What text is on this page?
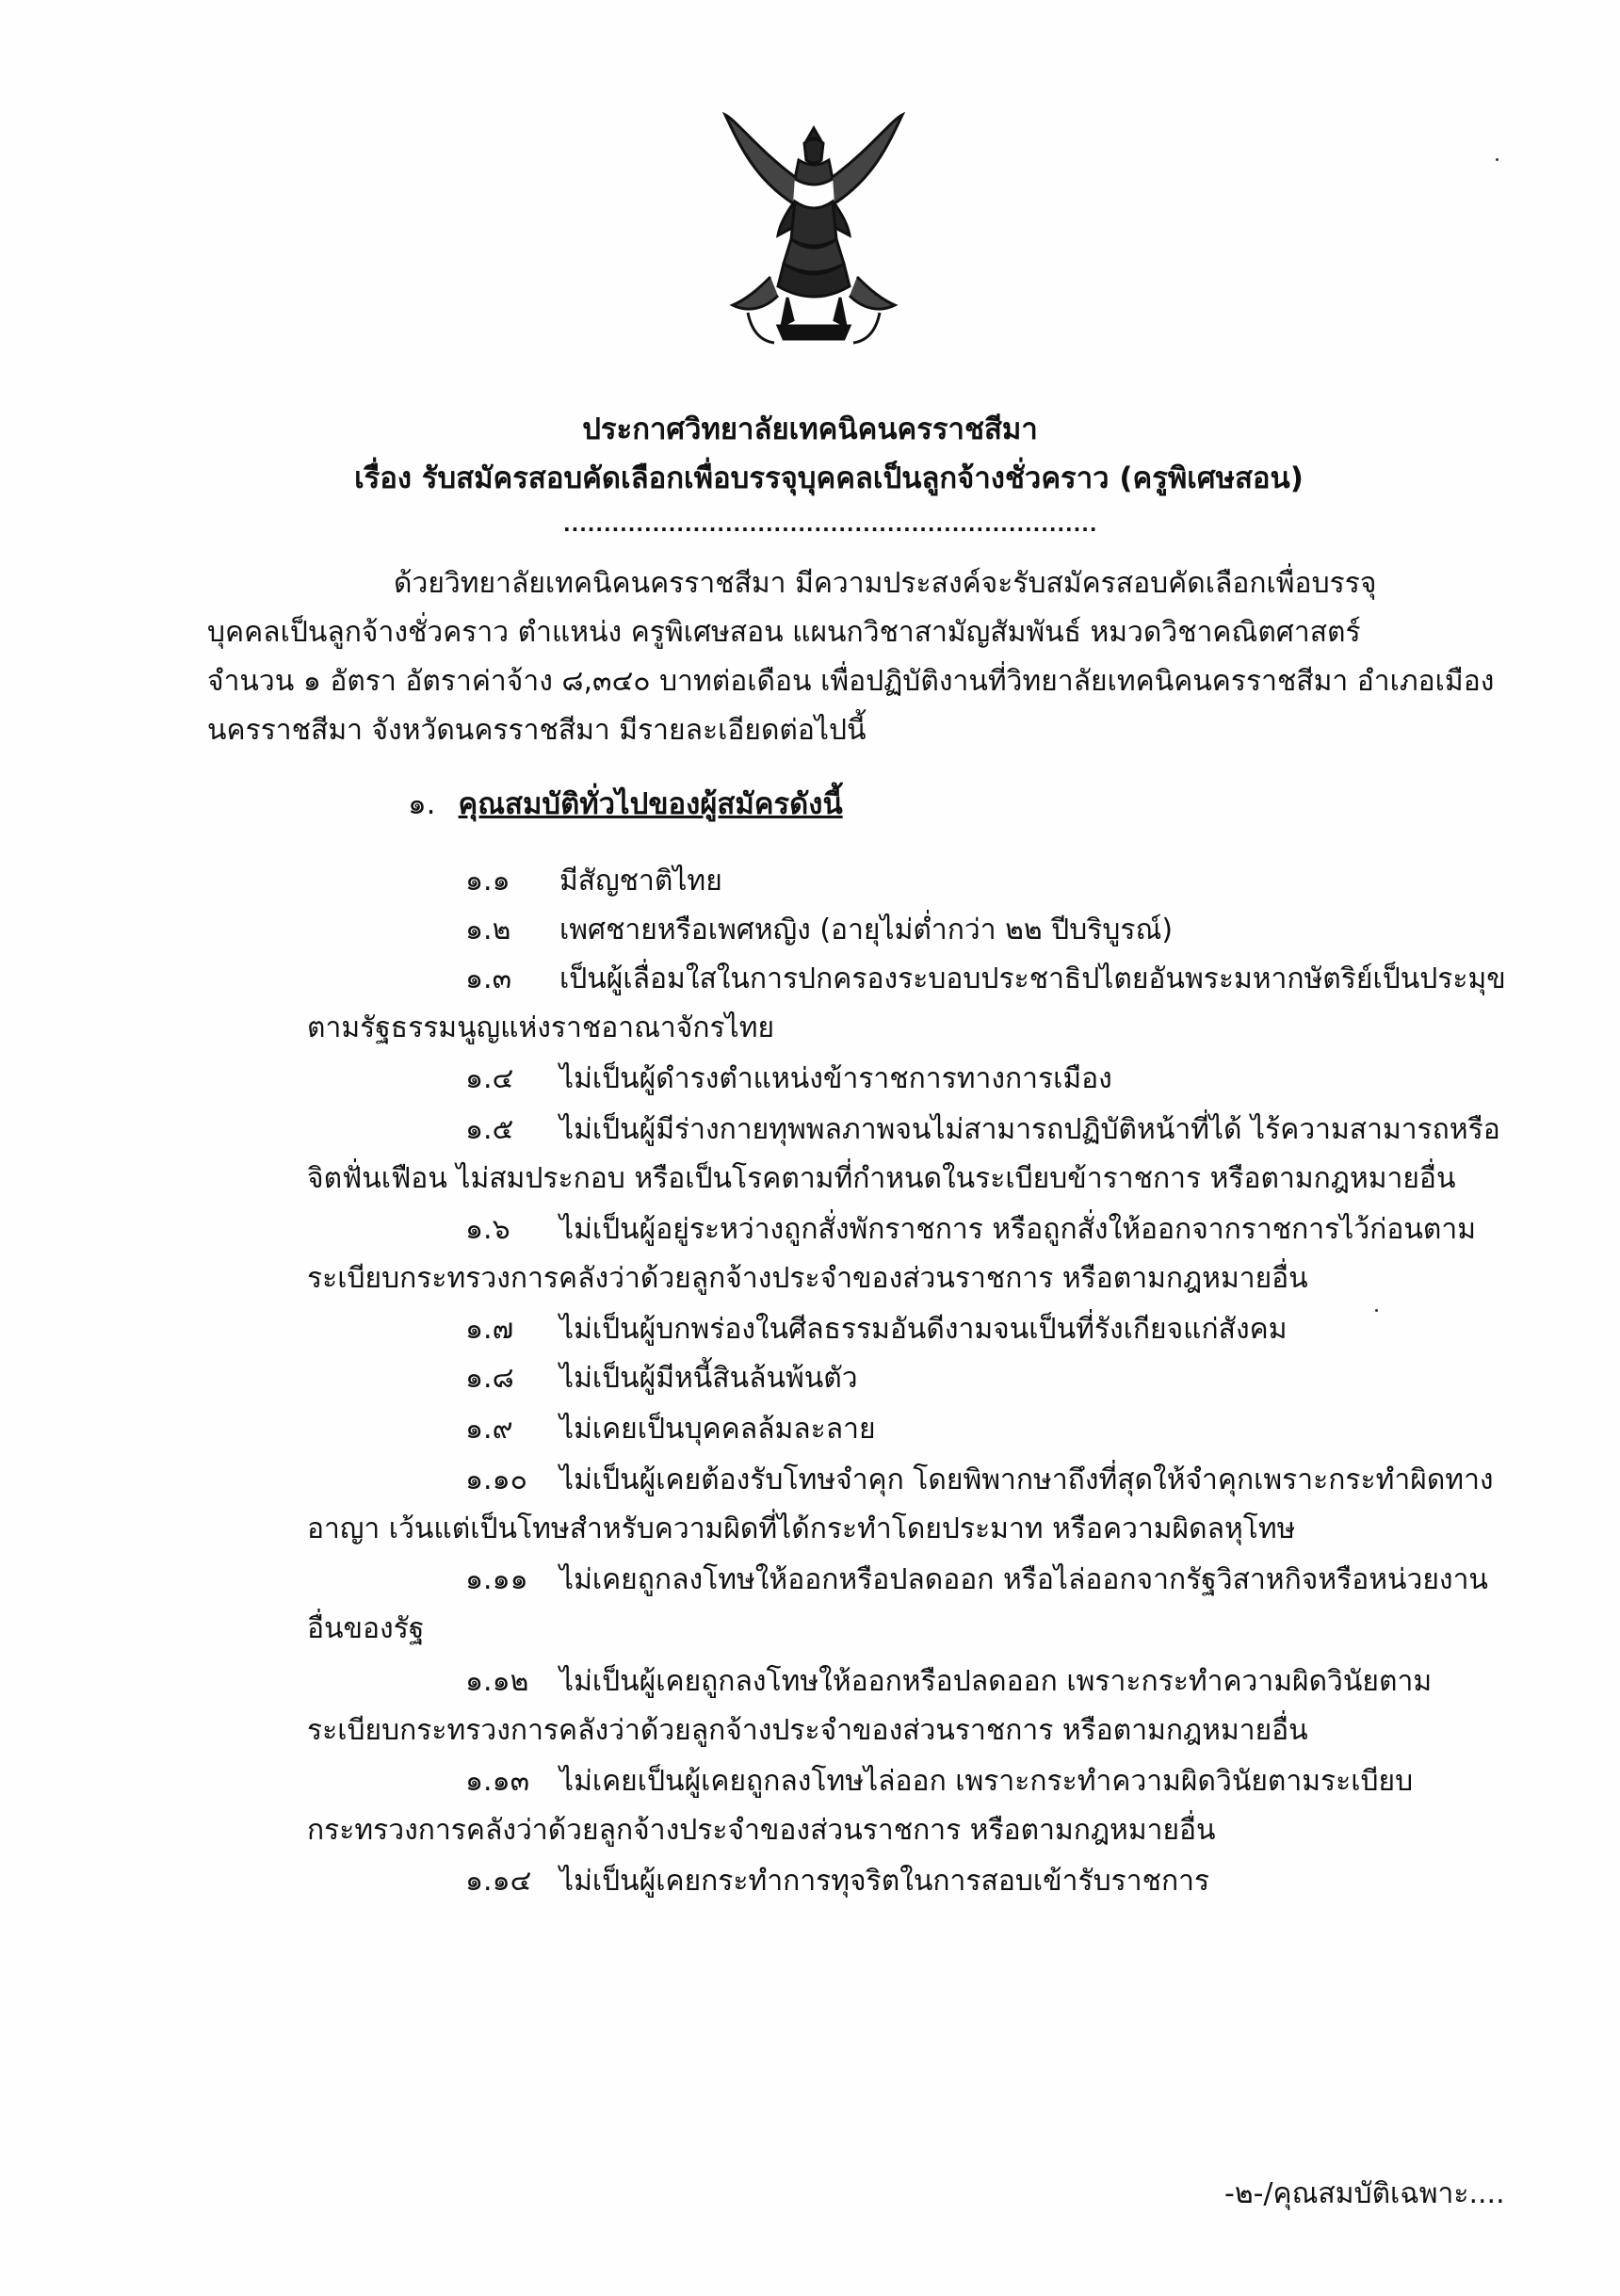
ประกาศวิทยาลัยเทคนิคนครราชสีมา
เรื่อง รับสมัครสอบคัดเลือกเพื่อบรรจุบุคคลเป็นลูกจ้างชั่วคราว (ครูพิเศษสอน)
..................................................................

ด้วยวิทยาลัยเทคนิคนครราชสีมา มีความประสงค์จะรับสมัครสอบคัดเลือกเพื่อบรรจุ

บุคคลเป็นลูกจ้างชั่วคราว ตำแหน่ง ครูพิเศษสอน แผนกวิชาสามัญสัมพันธ์ หมวดวิชาคณิตศาสตร์

จำนวน ๑ อัตรา อัตราค่าจ้าง ๘,๓๔๐ บาทต่อเดือน เพื่อปฏิบัติงานที่วิทยาลัยเทคนิคนครราชสีมา อำเภอเมือง

นครราชสีมา จังหวัดนครราชสีมา มีรายละเอียดต่อไปนี้

๑. คุณสมบัติทั่วไปของผู้สมัครดังนี้
๑.๑ มีสัญชาติไทย
๑.๒ เพศชายหรือเพศหญิง (อายุไม่ต่ำกว่า ๒๒ ปีบริบูรณ์)
๑.๓ เป็นผู้เลื่อมใสในการปกครองระบอบประชาธิปไตยอันพระมหากษัตริย์เป็นประมุข
ตามรัฐธรรมนูญแห่งราชอาณาจักรไทย
๑.๔ ไม่เป็นผู้ดำรงตำแหน่งข้าราชการทางการเมือง
๑.๕ ไม่เป็นผู้มีร่างกายทุพพลภาพจนไม่สามารถปฏิบัติหน้าที่ได้ ไร้ความสามารถหรือ
จิตฟั่นเฟือน ไม่สมประกอบ หรือเป็นโรคตามที่กำหนดในระเบียบข้าราชการ หรือตามกฎหมายอื่น
๑.๖ ไม่เป็นผู้อยู่ระหว่างถูกสั่งพักราชการ หรือถูกสั่งให้ออกจากราชการไว้ก่อนตาม
ระเบียบกระทรวงการคลังว่าด้วยลูกจ้างประจำของส่วนราชการ หรือตามกฎหมายอื่น
๑.๗ ไม่เป็นผู้บกพร่องในศีลธรรมอันดีงามจนเป็นที่รังเกียจแก่สังคม
๑.๘ ไม่เป็นผู้มีหนี้สินล้นพ้นตัว
๑.๙ ไม่เคยเป็นบุคคลล้มละลาย
๑.๑๐ ไม่เป็นผู้เคยต้องรับโทษจำคุก โดยพิพากษาถึงที่สุดให้จำคุกเพราะกระทำผิดทาง
อาญา เว้นแต่เป็นโทษสำหรับความผิดที่ได้กระทำโดยประมาท หรือความผิดลหุโทษ
๑.๑๑ ไม่เคยถูกลงโทษให้ออกหรือปลดออก หรือไล่ออกจากรัฐวิสาหกิจหรือหน่วยงาน
อื่นของรัฐ
๑.๑๒ ไม่เป็นผู้เคยถูกลงโทษให้ออกหรือปลดออก เพราะกระทำความผิดวินัยตาม
ระเบียบกระทรวงการคลังว่าด้วยลูกจ้างประจำของส่วนราชการ หรือตามกฎหมายอื่น
๑.๑๓ ไม่เคยเป็นผู้เคยถูกลงโทษไล่ออก เพราะกระทำความผิดวินัยตามระเบียบ
กระทรวงการคลังว่าด้วยลูกจ้างประจำของส่วนราชการ หรือตามกฎหมายอื่น
๑.๑๔ ไม่เป็นผู้เคยกระทำการทุจริตในการสอบเข้ารับราชการ
-๒-/คุณสมบัติเฉพาะ....
